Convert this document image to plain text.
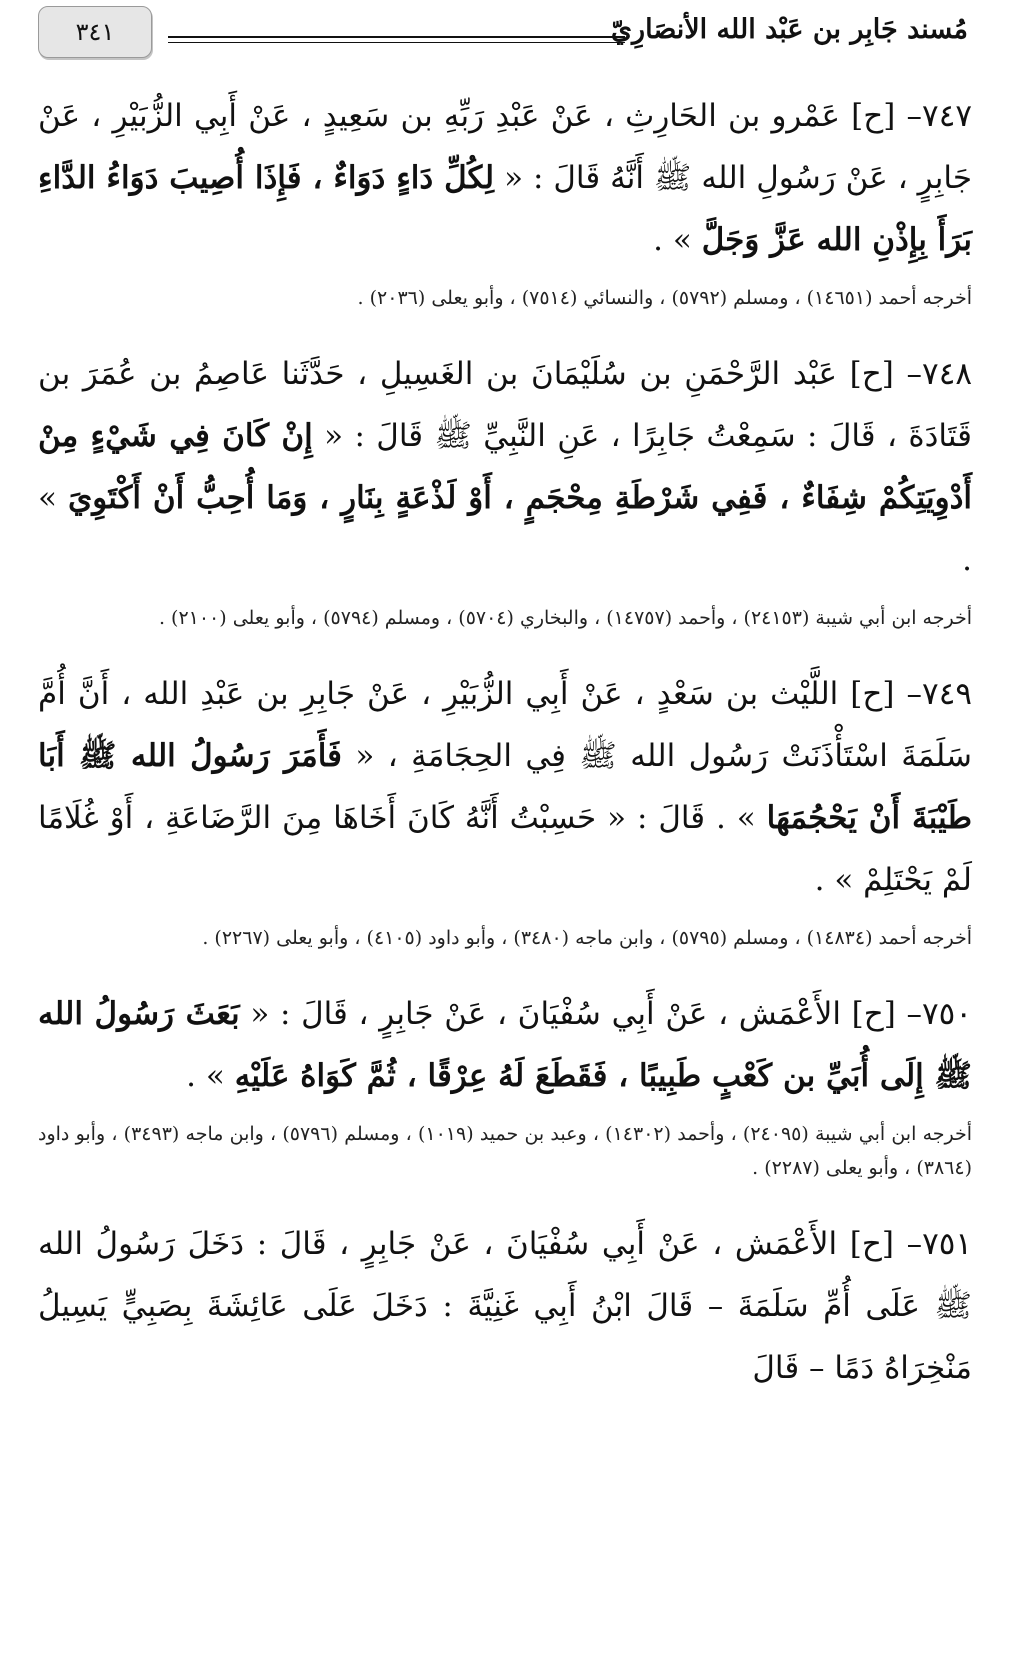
٣٤١	مُسند جَابِر بن عَبْد الله الأنصَارِيّ

٧٤٧– [ح] عَمْرو بن الحَارِثِ ، عَنْ عَبْدِ رَبِّهِ بن سَعِيدٍ ، عَنْ أَبِي الزُّبَيْرِ ، عَنْ جَابِرٍ ، عَنْ رَسُولِ الله ﷺ أَنَّهُ قَالَ : « لِكُلِّ دَاءٍ دَوَاءٌ ، فَإِذَا أُصِيبَ دَوَاءُ الدَّاءِ بَرَأَ بِإِذْنِ الله عَزَّ وَجَلَّ » .

أخرجه أحمد (١٤٦٥١) ، ومسلم (٥٧٩٢) ، والنسائي (٧٥١٤) ، وأبو يعلى (٢٠٣٦) .

٧٤٨– [ح] عَبْد الرَّحْمَنِ بن سُلَيْمَانَ بن الغَسِيلِ ، حَدَّثَنا عَاصِمُ بن عُمَرَ بن قَتَادَةَ ، قَالَ : سَمِعْتُ جَابِرًا ، عَنِ النَّبِيِّ ﷺ قَالَ : « إِنْ كَانَ فِي شَيْءٍ مِنْ أَدْوِيَتِكُمْ شِفَاءٌ ، فَفِي شَرْطَةِ مِحْجَمٍ ، أَوْ لَذْعَةٍ بِنَارٍ ، وَمَا أُحِبُّ أَنْ أَكْتَوِيَ » .

أخرجه ابن أبي شيبة (٢٤١٥٣) ، وأحمد (١٤٧٥٧) ، والبخاري (٥٧٠٤) ، ومسلم (٥٧٩٤) ، وأبو يعلى (٢١٠٠) .

٧٤٩– [ح] اللَّيْث بن سَعْدٍ ، عَنْ أَبِي الزُّبَيْرِ ، عَنْ جَابِرِ بن عَبْدِ الله ، أَنَّ أُمَّ سَلَمَةَ اسْتَأْذَنَتْ رَسُول الله ﷺ فِي الحِجَامَةِ ، « فَأَمَرَ رَسُولُ الله ﷺ أَبَا طَيْبَةَ أَنْ يَحْجُمَهَا » . قَالَ : « حَسِبْتُ أَنَّهُ كَانَ أَخَاهَا مِنَ الرَّضَاعَةِ ، أَوْ غُلَامًا لَمْ يَحْتَلِمْ » .

أخرجه أحمد (١٤٨٣٤) ، ومسلم (٥٧٩٥) ، وابن ماجه (٣٤٨٠) ، وأبو داود (٤١٠٥) ، وأبو يعلى (٢٢٦٧) .

٧٥٠– [ح] الأَعْمَش ، عَنْ أَبِي سُفْيَانَ ، عَنْ جَابِرٍ ، قَالَ : « بَعَثَ رَسُولُ الله ﷺ إِلَى أُبَيِّ بن كَعْبٍ طَبِيبًا ، فَقَطَعَ لَهُ عِرْقًا ، ثُمَّ كَوَاهُ عَلَيْهِ » .

أخرجه ابن أبي شيبة (٢٤٠٩٥) ، وأحمد (١٤٣٠٢) ، وعبد بن حميد (١٠١٩) ، ومسلم (٥٧٩٦) ، وابن ماجه (٣٤٩٣) ، وأبو داود (٣٨٦٤) ، وأبو يعلى (٢٢٨٧) .

٧٥١– [ح] الأَعْمَش ، عَنْ أَبِي سُفْيَانَ ، عَنْ جَابِرٍ ، قَالَ : دَخَلَ رَسُولُ الله ﷺ عَلَى أُمِّ سَلَمَةَ – قَالَ ابْنُ أَبِي غَنِيَّةَ : دَخَلَ عَلَى عَائِشَةَ بِصَبِيٍّ يَسِيلُ مَنْخِرَاهُ دَمًا – قَالَ
